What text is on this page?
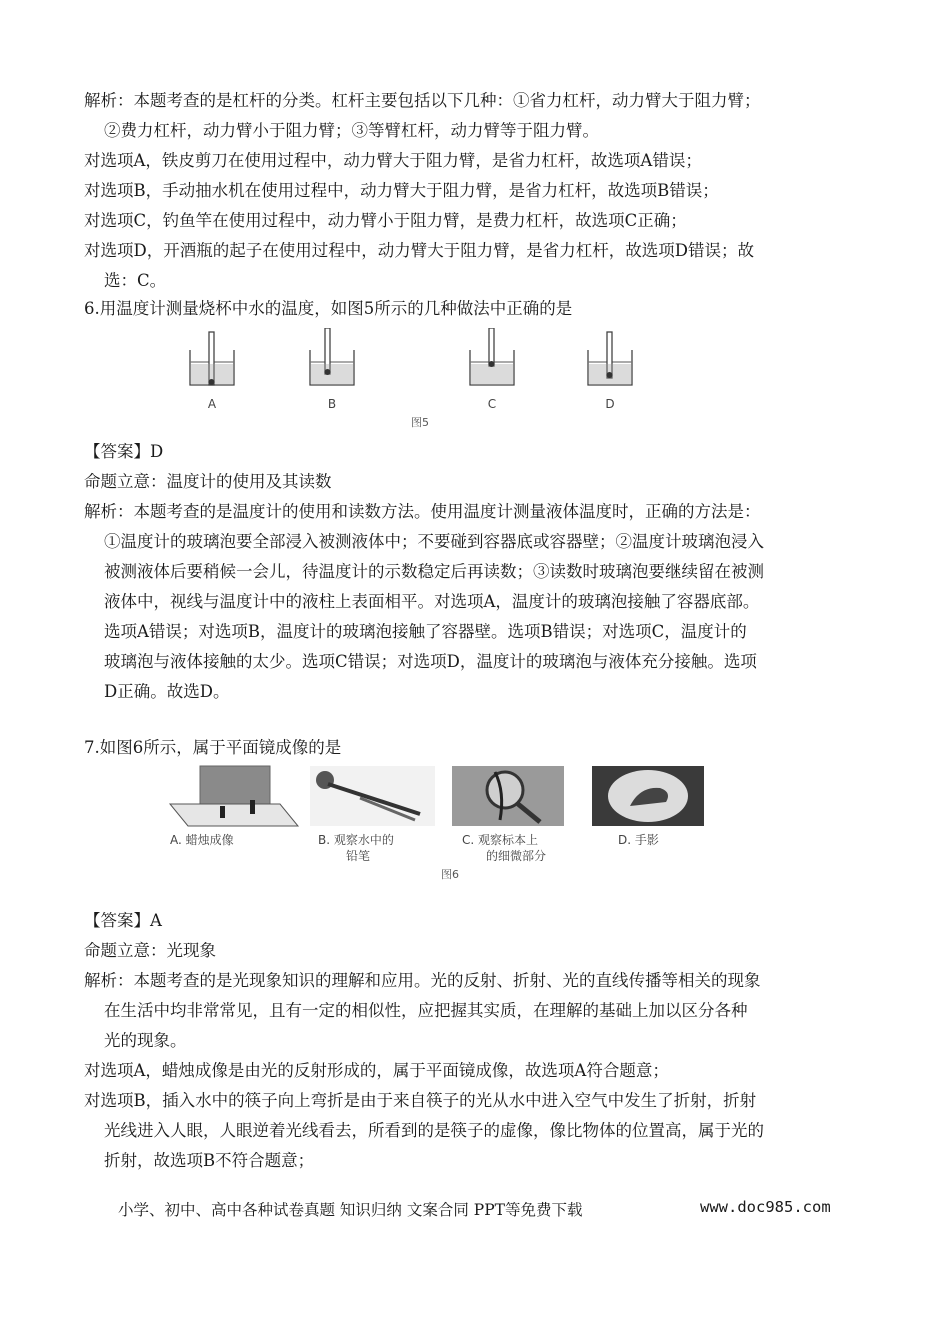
解析：本题考查的是杠杆的分类。杠杆主要包括以下几种：①省力杠杆，动力臂大于阻力臂；
②费力杠杆，动力臂小于阻力臂；③等臂杠杆，动力臂等于阻力臂。
对选项A，铁皮剪刀在使用过程中，动力臂大于阻力臂，是省力杠杆，故选项A错误；
对选项B，手动抽水机在使用过程中，动力臂大于阻力臂，是省力杠杆，故选项B错误；
对选项C，钓鱼竿在使用过程中，动力臂小于阻力臂，是费力杠杆，故选项C正确；
对选项D，开酒瓶的起子在使用过程中，动力臂大于阻力臂，是省力杠杆，故选项D错误；故
选：C。
6.用温度计测量烧杯中水的温度，如图5所示的几种做法中正确的是
A	B	C	D
图5
【答案】D
命题立意：温度计的使用及其读数
解析：本题考查的是温度计的使用和读数方法。使用温度计测量液体温度时，正确的方法是：
①温度计的玻璃泡要全部浸入被测液体中；不要碰到容器底或容器壁；②温度计玻璃泡浸入
被测液体后要稍候一会儿，待温度计的示数稳定后再读数；③读数时玻璃泡要继续留在被测
液体中，视线与温度计中的液柱上表面相平。对选项A，温度计的玻璃泡接触了容器底部。
选项A错误；对选项B，温度计的玻璃泡接触了容器壁。选项B错误；对选项C，温度计的
玻璃泡与液体接触的太少。选项C错误；对选项D，温度计的玻璃泡与液体充分接触。选项
D正确。故选D。
7.如图6所示，属于平面镜成像的是
A. 蜡烛成像	B. 观察水中的
铅笔
C. 观察标本上
的细微部分
D. 手影
图6
【答案】A
命题立意：光现象
解析：本题考查的是光现象知识的理解和应用。光的反射、折射、光的直线传播等相关的现象
在生活中均非常常见，且有一定的相似性，应把握其实质，在理解的基础上加以区分各种
光的现象。
对选项A，蜡烛成像是由光的反射形成的，属于平面镜成像，故选项A符合题意；
对选项B，插入水中的筷子向上弯折是由于来自筷子的光从水中进入空气中发生了折射，折射
光线进入人眼，人眼逆着光线看去，所看到的是筷子的虚像，像比物体的位置高，属于光的
折射，故选项B不符合题意；
小学、初中、高中各种试卷真题 知识归纳 文案合同 PPT等免费下载	www.doc985.com
